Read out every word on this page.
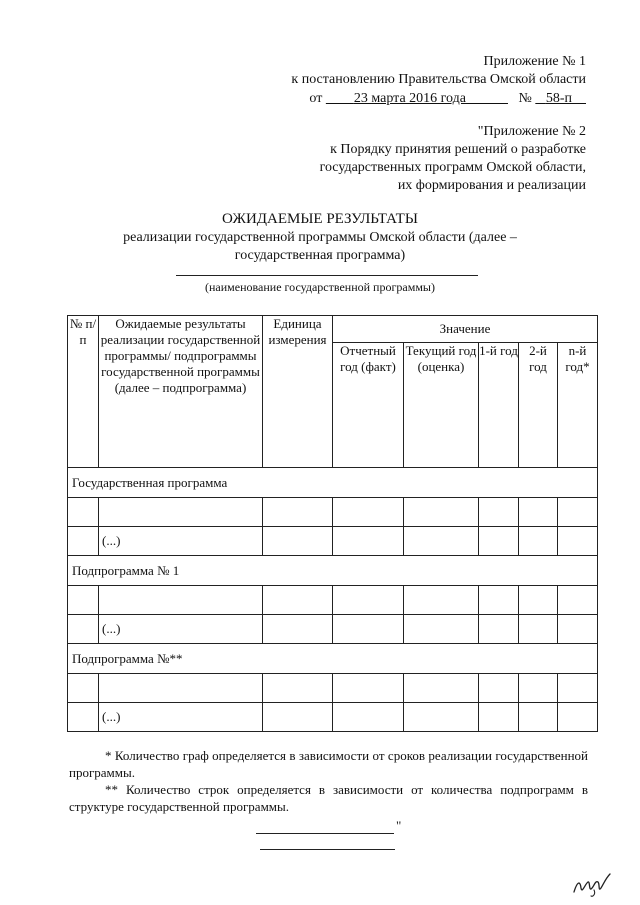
Приложение № 1
к постановлению Правительства Омской области
от 23 марта 2016 года	№ 58-п
"Приложение № 2
к Порядку принятия решений о разработке
государственных программ Омской области,
их формирования и реализации
ОЖИДАЕМЫЕ РЕЗУЛЬТАТЫ
реализации государственной программы Омской области (далее –
государственная программа)
(наименование государственной программы)
№ п/п	Ожидаемые результаты реализации государственной программы/ подпрограммы государственной программы (далее – подпрограмма)	Единица измерения	Значение				
			Отчетный год (факт)	Текущий год (оценка)	1-й год	2-й год	n-й год*
Государственная программа							

	(...)						
Подпрограмма № 1							

	(...)						
Подпрограмма №**							

	(...)						

* Количество граф определяется в зависимости от сроков реализации государственной программы.

** Количество строк определяется в зависимости от количества подпрограмм в структуре государственной программы.

"
